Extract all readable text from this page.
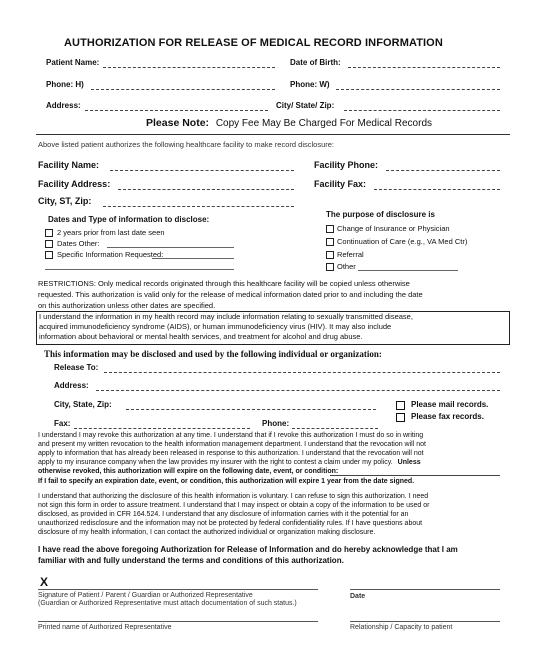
AUTHORIZATION FOR RELEASE OF MEDICAL RECORD INFORMATION
Patient Name:	Date of Birth:
Phone: H)	Phone: W)
Address:	City/ State/ Zip:
Please Note: Copy Fee May Be Charged For Medical Records
Above listed patient authorizes the following healthcare facility to make record disclosure:
Facility Name:	Facility Phone:
Facility Address:	Facility Fax:
City, ST, Zip:
Dates and Type of information to disclose:
2 years prior from last date seen
Dates Other:
Specific Information Requested:
The purpose of disclosure is
Change of Insurance or Physician
Continuation of Care (e.g., VA Med Ctr)
Referral
Other
RESTRICTIONS: Only medical records originated through this healthcare facility will be copied unless otherwise
requested. This authorization is valid only for the release of medical information dated prior to and including the date
on this authorization unless other dates are specified.
I understand the information in my health record may include information relating to sexually transmitted disease,
acquired immunodeficiency syndrome (AIDS), or human immunodeficiency virus (HIV). It may also include
information about behavioral or mental health services, and treatment for alcohol and drug abuse.
This information may be disclosed and used by the following individual or organization:
Release To:
Address:
City, State, Zip:	Please mail records.
Please fax records.
Phone:
Fax:
I understand I may revoke this authorization at any time. I understand that if I revoke this authorization I must do so in writing
and present my written revocation to the health information management department. I understand that the revocation will not
apply to information that has already been released in response to this authorization. I understand that the revocation will not
apply to my insurance company when the law provides my insurer with the right to contest a claim under my policy. Unless
otherwise revoked, this authorization will expire on the following date, event, or condition:
If I fail to specify an expiration date, event, or condition, this authorization will expire 1 year from the date signed.
I understand that authorizing the disclosure of this health information is voluntary. I can refuse to sign this authorization. I need
not sign this form in order to assure treatment. I understand that I may inspect or obtain a copy of the information to be used or
disclosed, as provided in CFR 164.524. I understand that any disclosure of information carries with it the potential for an
unauthorized redisclosure and the information may not be protected by federal confidentiality rules. If I have questions about
disclosure of my health information, I can contact the authorized individual or organization making disclosure.
I have read the above foregoing Authorization for Release of Information and do hereby acknowledge that I am
familiar with and fully understand the terms and conditions of this authorization.
X
Signature of Patient / Parent / Guardian or Authorized Representative
(Guardian or Authorized Representative must attach documentation of such status.)
Date
Printed name of Authorized Representative	Relationship / Capacity to patient
